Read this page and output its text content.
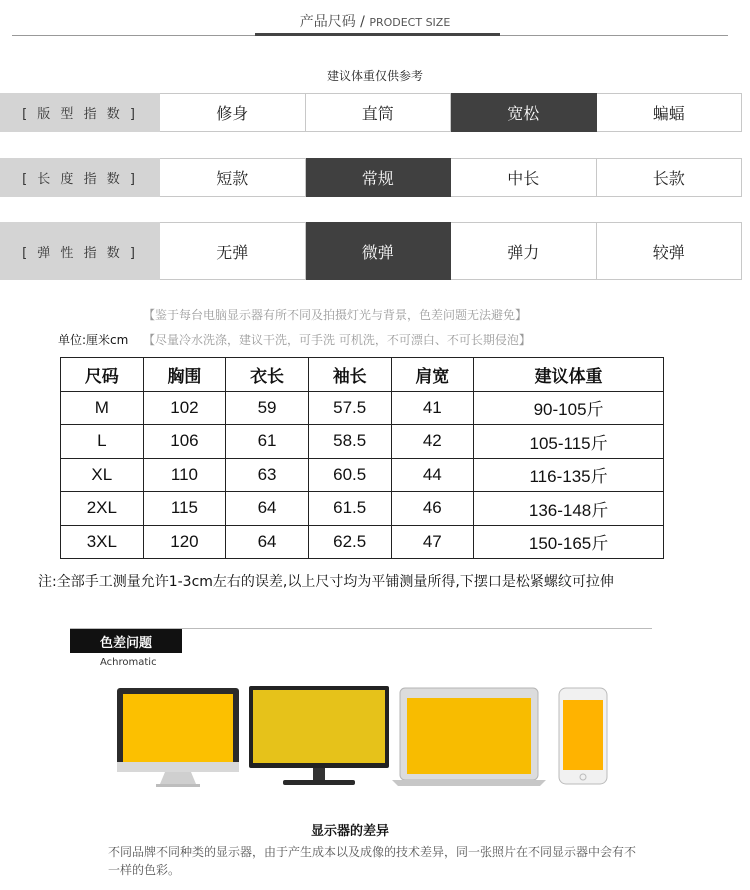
产品尺码 / PRODECT SIZE
建议体重仅供参考
[ 版 型 指 数 ]	修身	直筒	宽松	蝙蝠
[ 长 度 指 数 ]	短款	常规	中长	长款
[ 弹 性 指 数 ]	无弹	微弹	弹力	较弹
【鉴于每台电脑显示器有所不同及拍摄灯光与背景，色差问题无法避免】
单位:厘米cm 【尽量冷水洗涤，建议干洗，可手洗 可机洗，不可漂白、不可长期侵泡】
尺码	胸围	衣长	袖长	肩宽	建议体重
M	102	59	57.5	41	90-105斤
L	106	61	58.5	42	105-115斤
XL	110	63	60.5	44	116-135斤
2XL	115	64	61.5	46	136-148斤
3XL	120	64	62.5	47	150-165斤
注:全部手工测量允许1-3cm左右的误差,以上尺寸均为平铺测量所得,下摆口是松紧螺纹可拉伸
色差问题
Achromatic
显示器的差异
不同品牌不同种类的显示器，由于产生成本以及成像的技术差异，同一张照片在不同显示器中会有不一样的色彩。
